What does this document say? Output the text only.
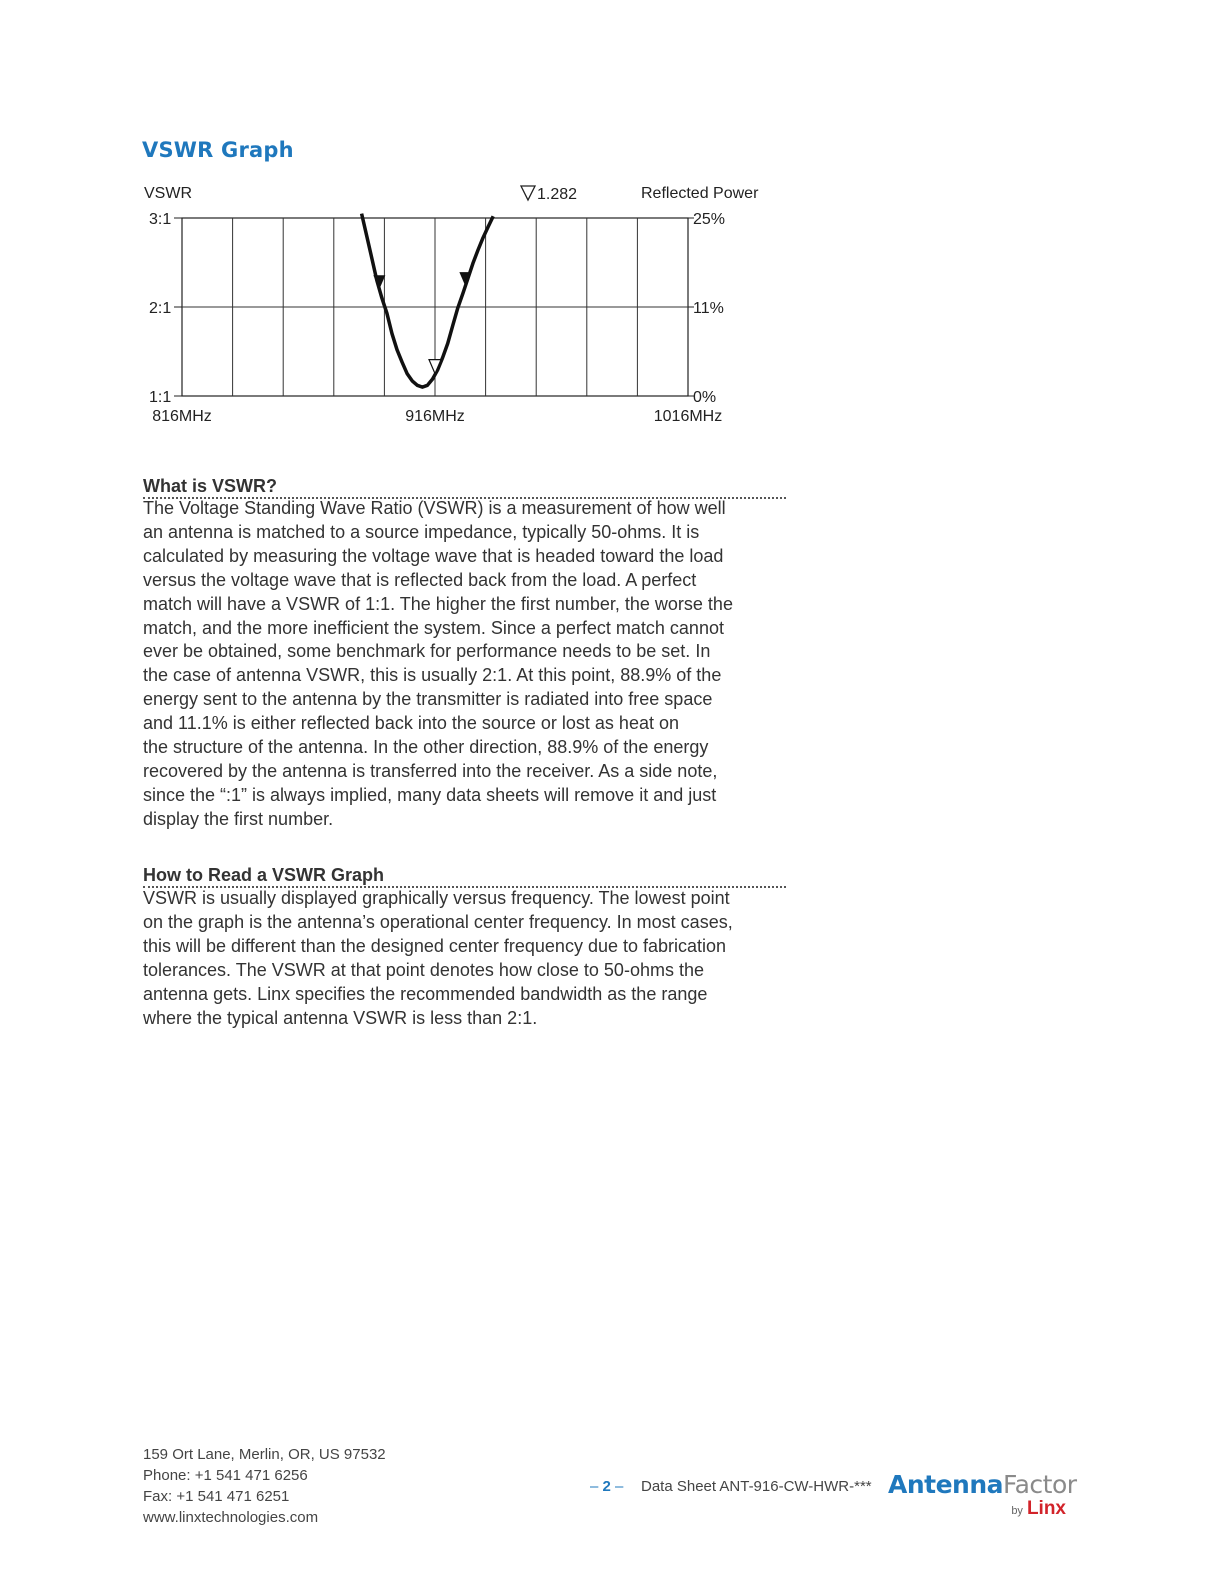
VSWR Graph
VSWR	Reflected Power
1.282
3:1	25%
2:1	11%
1:1	0%
816MHz	916MHz	1016MHz
What is VSWR?

The Voltage Standing Wave Ratio (VSWR) is a measurement of how well
an antenna is matched to a source impedance, typically 50-ohms. It is
calculated by measuring the voltage wave that is headed toward the load
versus the voltage wave that is reflected back from the load. A perfect
match will have a VSWR of 1:1. The higher the first number, the worse the
match, and the more inefficient the system. Since a perfect match cannot
ever be obtained, some benchmark for performance needs to be set. In
the case of antenna VSWR, this is usually 2:1. At this point, 88.9% of the
energy sent to the antenna by the transmitter is radiated into free space
and 11.1% is either reflected back into the source or lost as heat on
the structure of the antenna. In the other direction, 88.9% of the energy
recovered by the antenna is transferred into the receiver. As a side note,
since the “:1” is always implied, many data sheets will remove it and just
display the first number.

How to Read a VSWR Graph

VSWR is usually displayed graphically versus frequency. The lowest point
on the graph is the antenna’s operational center frequency. In most cases,
this will be different than the designed center frequency due to fabrication
tolerances. The VSWR at that point denotes how close to 50-ohms the
antenna gets. Linx specifies the recommended bandwidth as the range
where the typical antenna VSWR is less than 2:1.

159 Ort Lane, Merlin, OR, US 97532
Phone: +1 541 471 6256
Fax: +1 541 471 6251
www.linxtechnologies.com
– 2 – Data Sheet ANT-916-CW-HWR-*** AntennaFactor
by Linx
